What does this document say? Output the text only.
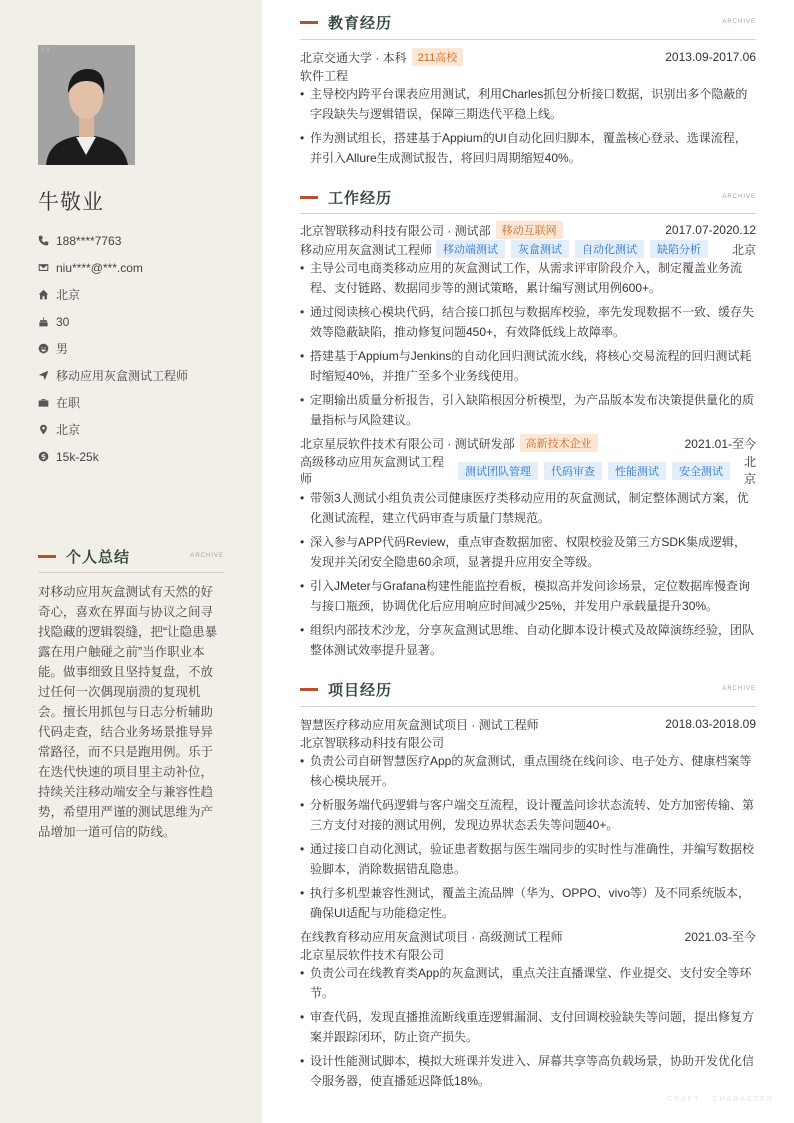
日日
牛敬业
188****7763
niu****@***.com
北京
30
男
移动应用灰盒测试工程师
在职
北京
15k-25k
个人总结	ARCHIVE
对移动应用灰盒测试有天然的好奇心，喜欢在界面与协议之间寻找隐藏的逻辑裂缝，把“让隐患暴露在用户触碰之前”当作职业本能。做事细致且坚持复盘，不放过任何一次偶现崩溃的复现机会。擅长用抓包与日志分析辅助代码走查，结合业务场景推导异常路径，而不只是跑用例。乐于在迭代快速的项目里主动补位，持续关注移动端安全与兼容性趋势，希望用严谨的测试思维为产品增加一道可信的防线。
教育经历	ARCHIVE
北京交通大学 · 本科	211高校	2013.09-2017.06
软件工程
• 主导校内跨平台课表应用测试，利用Charles抓包分析接口数据，识别出多个隐蔽的字段缺失与逻辑错误，保障三期迭代平稳上线。
• 作为测试组长，搭建基于Appium的UI自动化回归脚本，覆盖核心登录、选课流程，并引入Allure生成测试报告，将回归周期缩短40%。
工作经历	ARCHIVE
北京智联移动科技有限公司 · 测试部	移动互联网	2017.07-2020.12
移动应用灰盒测试工程师	移动端测试	灰盒测试	自动化测试	缺陷分析	北京
• 主导公司电商类移动应用的灰盒测试工作，从需求评审阶段介入，制定覆盖业务流程、支付链路、数据同步等的测试策略，累计编写测试用例600+。
• 通过阅读核心模块代码，结合接口抓包与数据库校验，率先发现数据不一致、缓存失效等隐蔽缺陷，推动修复问题450+，有效降低线上故障率。
• 搭建基于Appium与Jenkins的自动化回归测试流水线，将核心交易流程的回归测试耗时缩短40%，并推广至多个业务线使用。
• 定期输出质量分析报告，引入缺陷根因分析模型，为产品版本发布决策提供量化的质量指标与风险建议。
北京星辰软件技术有限公司 · 测试研发部	高新技术企业	2021.01-至今
高级移动应用灰盒测试工程
师	测试团队管理	代码审查	性能测试	安全测试
北
京
• 带领3人测试小组负责公司健康医疗类移动应用的灰盒测试，制定整体测试方案，优化测试流程，建立代码审查与质量门禁规范。
• 深入参与APP代码Review，重点审查数据加密、权限校验及第三方SDK集成逻辑，发现并关闭安全隐患60余项，显著提升应用安全等级。
• 引入JMeter与Grafana构建性能监控看板，模拟高并发问诊场景，定位数据库慢查询与接口瓶颈，协调优化后应用响应时间减少25%，并发用户承载量提升30%。
• 组织内部技术沙龙，分享灰盒测试思维、自动化脚本设计模式及故障演练经验，团队整体测试效率提升显著。
项目经历	ARCHIVE
智慧医疗移动应用灰盒测试项目 · 测试工程师	2018.03-2018.09
北京智联移动科技有限公司
• 负责公司自研智慧医疗App的灰盒测试，重点围绕在线问诊、电子处方、健康档案等核心模块展开。
• 分析服务端代码逻辑与客户端交互流程，设计覆盖问诊状态流转、处方加密传输、第三方支付对接的测试用例，发现边界状态丢失等问题40+。
• 通过接口自动化测试，验证患者数据与医生端同步的实时性与准确性，并编写数据校验脚本，消除数据错乱隐患。
• 执行多机型兼容性测试，覆盖主流品牌（华为、OPPO、vivo等）及不同系统版本，确保UI适配与功能稳定性。
在线教育移动应用灰盒测试项目 · 高级测试工程师	2021.03-至今
北京星辰软件技术有限公司
• 负责公司在线教育类App的灰盒测试，重点关注直播课堂、作业提交、支付安全等环节。
• 审查代码，发现直播推流断线重连逻辑漏洞、支付回调校验缺失等问题，提出修复方案并跟踪闭环，防止资产损失。
• 设计性能测试脚本，模拟大班课并发进入、屏幕共享等高负载场景，协助开发优化信令服务器，使直播延迟降低18%。
CRAFT · CHARACTER
